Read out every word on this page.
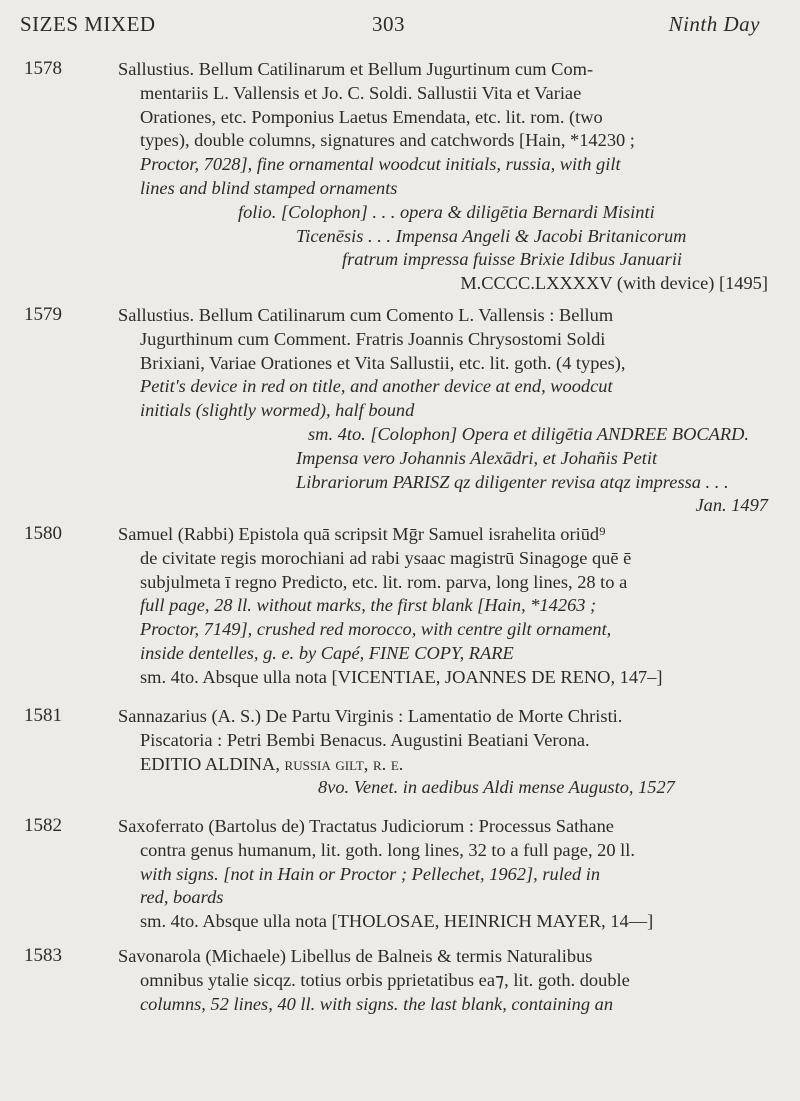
SIZES MIXED	303	Ninth Day
1578	Sallustius. Bellum Catilinarum et Bellum Jugurtinum cum Com-
mentariis L. Vallensis et Jo. C. Soldi. Sallustii Vita et Variae
Orationes, etc. Pomponius Laetus Emendata, etc. lit. rom. (two
types), double columns, signatures and catchwords [Hain, *14230 ;
Proctor, 7028], fine ornamental woodcut initials, russia, with gilt
lines and blind stamped ornaments
folio. [Colophon] . . . opera & diligētia Bernardi Misinti
Ticenēsis . . . Impensa Angeli & Jacobi Britanicorum
fratrum impressa fuisse Brixie Idibus Januarii
M.CCCC.LXXXXV (with device) [1495]
1579	Sallustius. Bellum Catilinarum cum Comento L. Vallensis : Bellum
Jugurthinum cum Comment. Fratris Joannis Chrysostomi Soldi
Brixiani, Variae Orationes et Vita Sallustii, etc. lit. goth. (4 types),
Petit's device in red on title, and another device at end, woodcut
initials (slightly wormed), half bound
sm. 4to. [Colophon] Opera et diligētia ANDREE BOCARD.
Impensa vero Johannis Alexādri, et Johañis Petit
Librariorum PARISZ qz diligenter revisa atqz impressa . . .
Jan. 1497
1580	Samuel (Rabbi) Epistola quā scripsit Mḡr Samuel israhelita oriūd⁹
de civitate regis morochiani ad rabi ysaac magistrū Sinagoge quē ē
subjulmeta ī regno Predicto, etc. lit. rom. parva, long lines, 28 to a
full page, 28 ll. without marks, the first blank [Hain, *14263 ;
Proctor, 7149], crushed red morocco, with centre gilt ornament,
inside dentelles, g. e. by Capé, FINE COPY, RARE
sm. 4to. Absque ulla nota [VICENTIAE, JOANNES DE RENO, 147–]
1581	Sannazarius (A. S.) De Partu Virginis : Lamentatio de Morte Christi.
Piscatoria : Petri Bembi Benacus. Augustini Beatiani Verona.
EDITIO ALDINA, russia gilt, r. e.
8vo. Venet. in aedibus Aldi mense Augusto, 1527
1582	Saxoferrato (Bartolus de) Tractatus Judiciorum : Processus Sathane
contra genus humanum, lit. goth. long lines, 32 to a full page, 20 ll.
with signs. [not in Hain or Proctor ; Pellechet, 1962], ruled in
red, boards
sm. 4to. Absque ulla nota [THOLOSAE, HEINRICH MAYER, 14—]
1583	Savonarola (Michaele) Libellus de Balneis & termis Naturalibus
omnibus ytalie sicqz. totius orbis pprietatibus ea⁊, lit. goth. double
columns, 52 lines, 40 ll. with signs. the last blank, containing an
